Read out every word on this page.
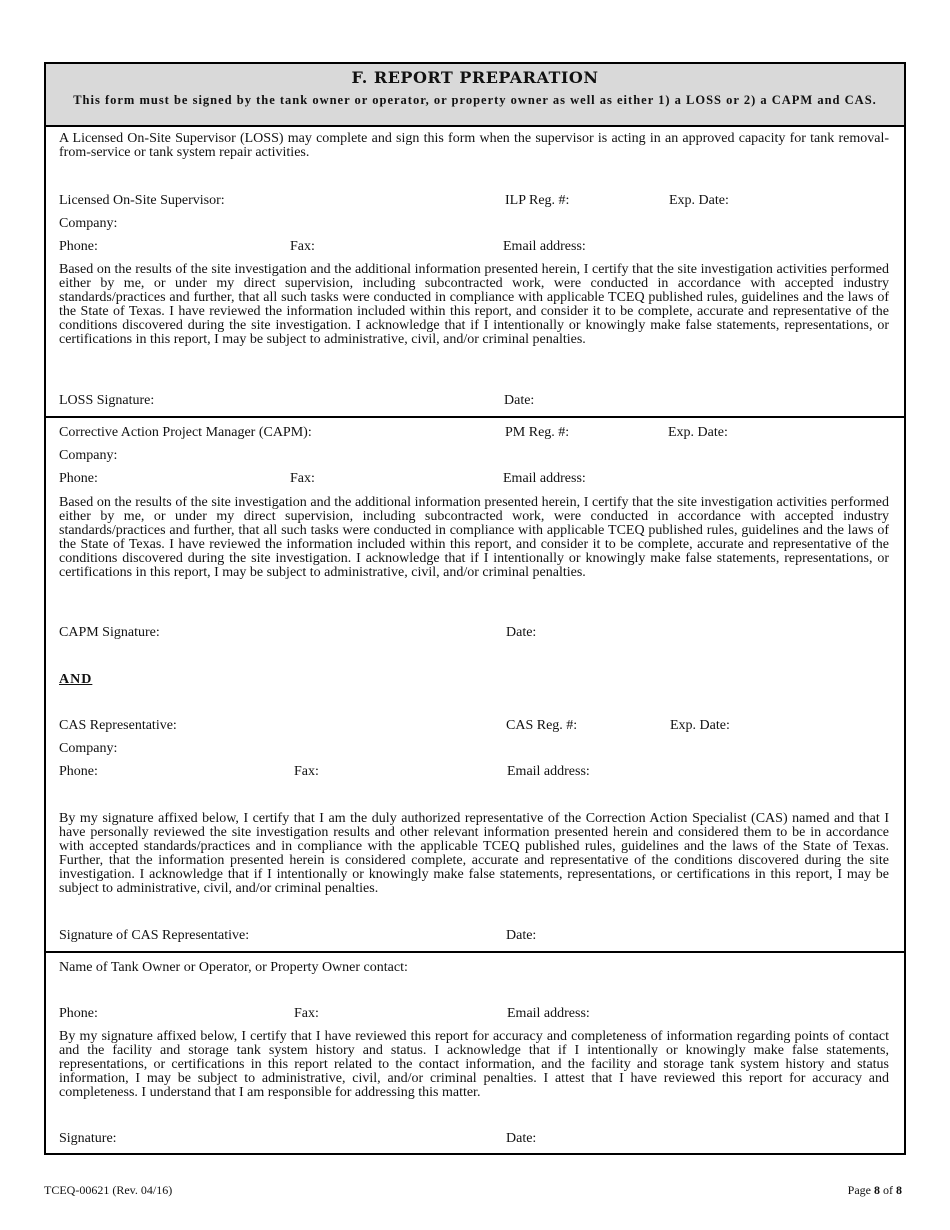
F. REPORT PREPARATION
This form must be signed by the tank owner or operator, or property owner as well as either 1) a LOSS or 2) a CAPM and CAS.
A Licensed On-Site Supervisor (LOSS) may complete and sign this form when the supervisor is acting in an approved capacity for tank removal-from-service or tank system repair activities.
Licensed On-Site Supervisor:	ILP Reg. #:	Exp. Date:
Company:
Phone:	Fax:	Email address:
Based on the results of the site investigation and the additional information presented herein, I certify that the site investigation activities performed either by me, or under my direct supervision, including subcontracted work, were conducted in accordance with accepted industry standards/practices and further, that all such tasks were conducted in compliance with applicable TCEQ published rules, guidelines and the laws of the State of Texas. I have reviewed the information included within this report, and consider it to be complete, accurate and representative of the conditions discovered during the site investigation. I acknowledge that if I intentionally or knowingly make false statements, representations, or certifications in this report, I may be subject to administrative, civil, and/or criminal penalties.
LOSS Signature:	Date:
Corrective Action Project Manager (CAPM):	PM Reg. #:	Exp. Date:
Company:
Phone:	Fax:	Email address:
Based on the results of the site investigation and the additional information presented herein, I certify that the site investigation activities performed either by me, or under my direct supervision, including subcontracted work, were conducted in accordance with accepted industry standards/practices and further, that all such tasks were conducted in compliance with applicable TCEQ published rules, guidelines and the laws of the State of Texas. I have reviewed the information included within this report, and consider it to be complete, accurate and representative of the conditions discovered during the site investigation. I acknowledge that if I intentionally or knowingly make false statements, representations, or certifications in this report, I may be subject to administrative, civil, and/or criminal penalties.
CAPM Signature:	Date:
AND
CAS Representative:	CAS Reg. #:	Exp. Date:
Company:
Phone:	Fax:	Email address:
By my signature affixed below, I certify that I am the duly authorized representative of the Correction Action Specialist (CAS) named and that I have personally reviewed the site investigation results and other relevant information presented herein and considered them to be in accordance with accepted standards/practices and in compliance with the applicable TCEQ published rules, guidelines and the laws of the State of Texas. Further, that the information presented herein is considered complete, accurate and representative of the conditions discovered during the site investigation. I acknowledge that if I intentionally or knowingly make false statements, representations, or certifications in this report, I may be subject to administrative, civil, and/or criminal penalties.
Signature of CAS Representative:	Date:
Name of Tank Owner or Operator, or Property Owner contact:
Phone:	Fax:	Email address:
By my signature affixed below, I certify that I have reviewed this report for accuracy and completeness of information regarding points of contact and the facility and storage tank system history and status. I acknowledge that if I intentionally or knowingly make false statements, representations, or certifications in this report related to the contact information, and the facility and storage tank system history and status information, I may be subject to administrative, civil, and/or criminal penalties. I attest that I have reviewed this report for accuracy and completeness. I understand that I am responsible for addressing this matter.
Signature:	Date:
TCEQ-00621 (Rev. 04/16)	Page 8 of 8
